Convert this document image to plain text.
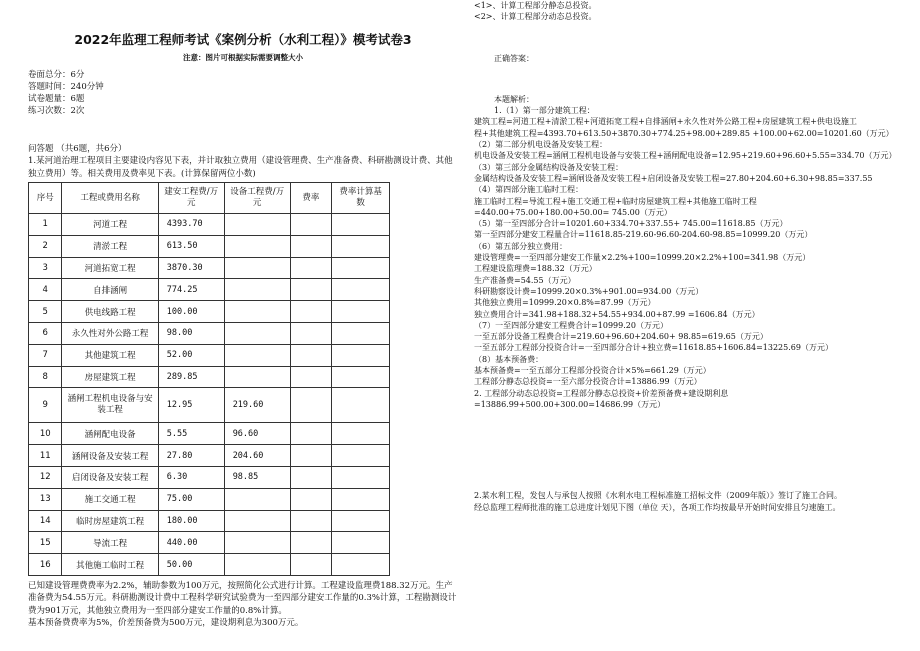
2022年监理工程师考试《案例分析（水利工程）》模考试卷3
注意：图片可根据实际需要调整大小
卷面总分：6分
答题时间：240分钟
试卷题量：6题
练习次数：2次
问答题 （共6题，共6分）
1.某河道治理工程项目主要建设内容见下表，并计取独立费用（建设管理费、生产准备费、科研勘测设计费、其他独立费用）等。相关费用及费率见下表。(计算保留两位小数)
序号	工程或费用名称	建安工程费/万元	设备工程费/万元	费率	费率计算基数
1	河道工程	4393.70			
2	清淤工程	613.50			
3	河道拓宽工程	3870.30			
4	自排涵闸	774.25			
5	供电线路工程	100.00			
6	永久性对外公路工程	98.00			
7	其他建筑工程	52.00			
8	房屋建筑工程	289.85			
9	涵闸工程机电设备与安装工程	12.95	219.60		
10	涵闸配电设备	5.55	96.60		
11	涵闸设备及安装工程	27.80	204.60		
12	启闭设备及安装工程	6.30	98.85		
13	施工交通工程	75.00			
14	临时房屋建筑工程	180.00			
15	导流工程	440.00			
16	其他施工临时工程	50.00			
已知建设管理费费率为2.2%，辅助参数为100万元，按照简化公式进行计算。工程建设监理费188.32万元。生产准备费为54.55万元。科研勘测设计费中工程科学研究试验费为一至四部分建安工作量的0.3%计算，工程勘测设计费为901万元，其他独立费用为一至四部分建安工作量的0.8%计算。
基本预备费费率为5%，价差预备费为500万元，建设期利息为300万元。
<1>、计算工程部分静态总投资。
<2>、计算工程部分动态总投资。
正确答案：
本题解析：
1.（1）第一部分建筑工程：
建筑工程=河道工程+清淤工程+河道拓宽工程+自排涵闸+永久性对外公路工程+房屋建筑工程+供电设施工
程+其他建筑工程=4393.70+613.50+3870.30+774.25+98.00+289.85 +100.00+62.00=10201.60（万元）
（2）第二部分机电设备及安装工程：
机电设备及安装工程=涵闸工程机电设备与安装工程+涵闸配电设备=12.95+219.60+96.60+5.55=334.70（万元）
（3）第三部分金属结构设备及安装工程：
金属结构设备及安装工程=涵闸设备及安装工程+启闭设备及安装工程=27.80+204.60+6.30+98.85=337.55
（4）第四部分施工临时工程：
施工临时工程=导流工程+施工交通工程+临时房屋建筑工程+其他施工临时工程
=440.00+75.00+180.00+50.00= 745.00（万元）
（5）第一至四部分合计=10201.60+334.70+337.55+ 745.00=11618.85（万元）
第一至四部分建安工程量合计=11618.85-219.60-96.60-204.60-98.85=10999.20（万元）
（6）第五部分独立费用：
建设管理费=一至四部分建安工作量×2.2%+100=10999.20×2.2%+100=341.98（万元）
工程建设监理费=188.32（万元）
生产准备费=54.55（万元）
科研勘察设计费=10999.20×0.3%+901.00=934.00（万元）
其他独立费用=10999.20×0.8%=87.99（万元）
独立费用合计=341.98+188.32+54.55+934.00+87.99 =1606.84（万元）
（7）一至四部分建安工程费合计=10999.20（万元）
一至五部分设备工程费合计=219.60+96.60+204.60+ 98.85=619.65（万元）
一至五部分工程部分投资合计=一至四部分合计+独立费=11618.85+1606.84=13225.69（万元）
（8）基本预备费：
基本预备费=一至五部分工程部分投资合计×5%=661.29（万元）
工程部分静态总投资=一至六部分投资合计=13886.99（万元）
2. 工程部分动态总投资=工程部分静态总投资+价差预备费+建设期利息
=13886.99+500.00+300.00=14686.99（万元）
2.某水利工程，发包人与承包人按照《水利水电工程标准施工招标文件（2009年版）》签订了施工合同。
经总监理工程师批准的施工总进度计划见下图（单位 天），各项工作均按最早开始时间安排且匀速施工。
